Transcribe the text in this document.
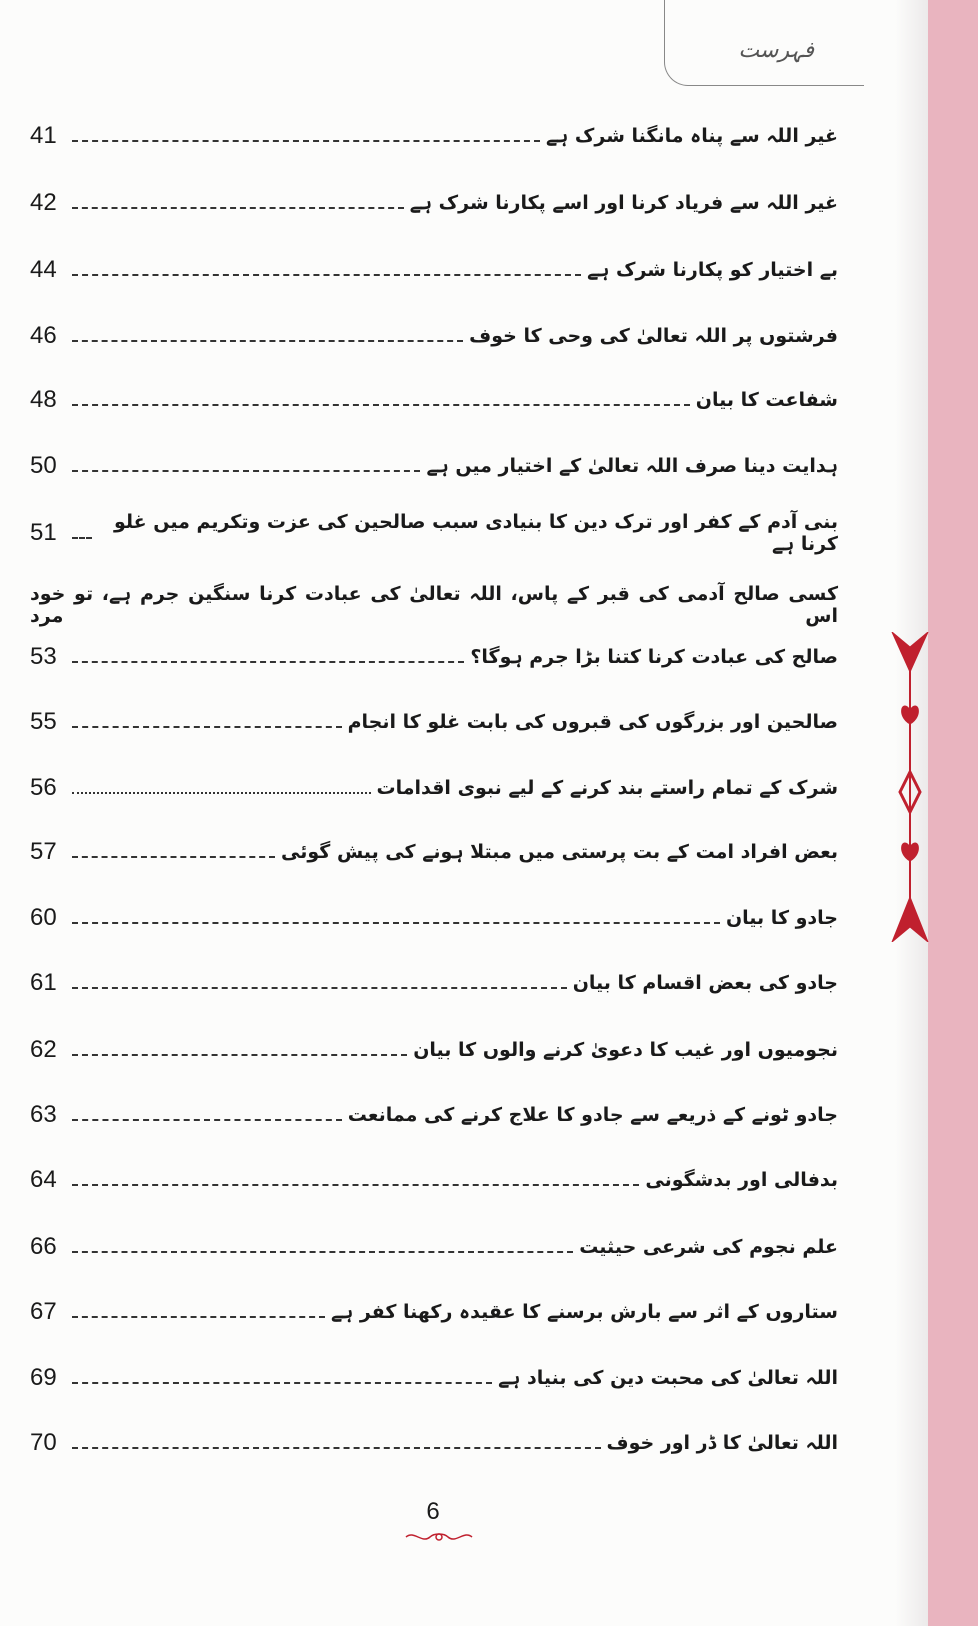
فہرست
غیر اللہ سے پناہ مانگنا شرک ہے
41
غیر اللہ سے فریاد کرنا اور اسے پکارنا شرک ہے
42
بے اختیار کو پکارنا شرک ہے
44
فرشتوں پر اللہ تعالیٰ کی وحی کا خوف
46
شفاعت کا بیان
48
ہدایت دینا صرف اللہ تعالیٰ کے اختیار میں ہے
50
بنی آدم کے کفر اور ترک دین کا بنیادی سبب صالحین کی عزت وتکریم میں غلو کرنا ہے
51
کسی صالح آدمی کی قبر کے پاس، اللہ تعالیٰ کی عبادت کرنا سنگین جرم ہے، تو خود اس مرد
صالح کی عبادت کرنا کتنا بڑا جرم ہوگا؟
53
صالحین اور بزرگوں کی قبروں کی بابت غلو کا انجام
55
شرک کے تمام راستے بند کرنے کے لیے نبوی اقدامات
56
بعض افراد امت کے بت پرستی میں مبتلا ہونے کی پیش گوئی
57
جادو کا بیان
60
جادو کی بعض اقسام کا بیان
61
نجومیوں اور غیب کا دعویٰ کرنے والوں کا بیان
62
جادو ٹونے کے ذریعے سے جادو کا علاج کرنے کی ممانعت
63
بدفالی اور بدشگونی
64
علم نجوم کی شرعی حیثیت
66
ستاروں کے اثر سے بارش برسنے کا عقیدہ رکھنا کفر ہے
67
اللہ تعالیٰ کی محبت دین کی بنیاد ہے
69
اللہ تعالیٰ کا ڈر اور خوف
70
6
